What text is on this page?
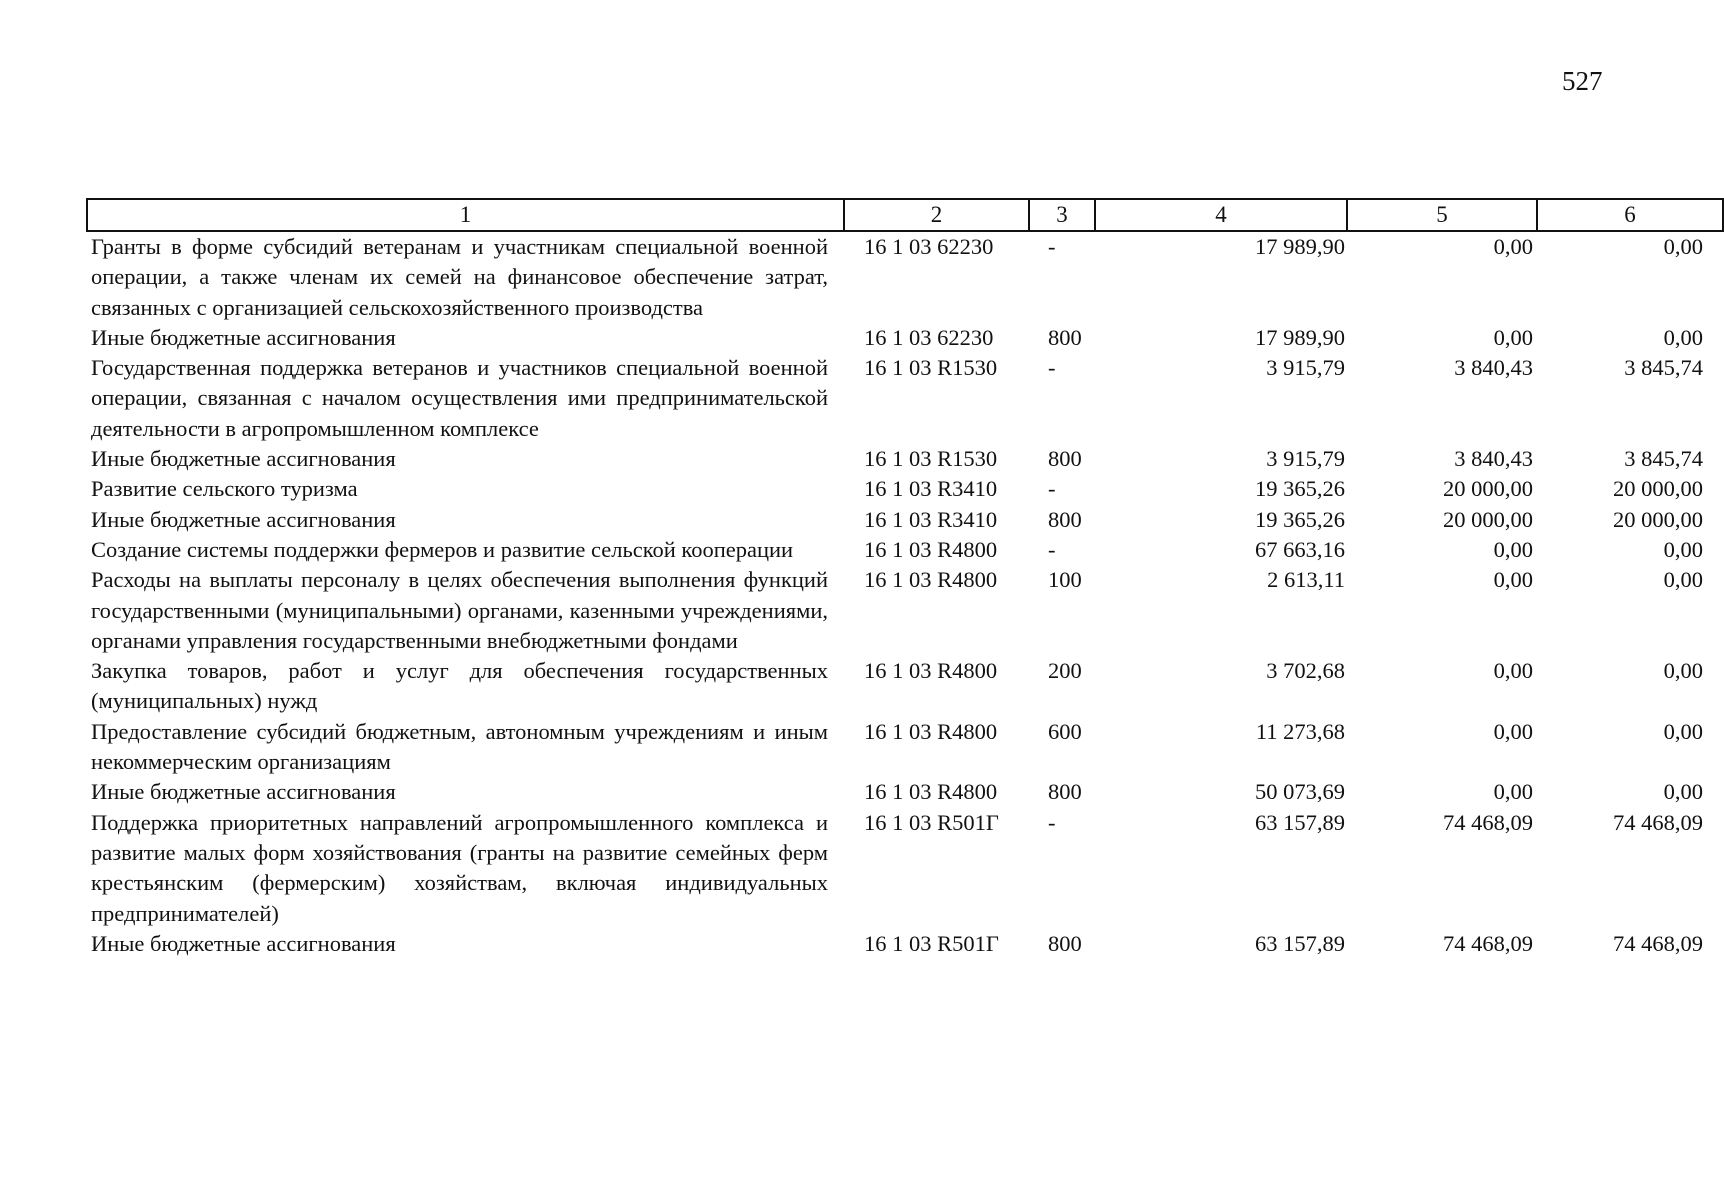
527
1	2	3	4	5	6
Гранты в форме субсидий ветеранам и участникам специальной военной операции, а также членам их семей на финансовое обеспечение затрат, связанных с организацией сельскохозяйственного производства	16 1 03 62230	-	17 989,90	0,00	0,00
Иные бюджетные ассигнования	16 1 03 62230	800	17 989,90	0,00	0,00
Государственная поддержка ветеранов и участников специальной военной операции, связанная с началом осуществления ими предпринимательской деятельности в агропромышленном комплексе	16 1 03 R1530	-	3 915,79	3 840,43	3 845,74
Иные бюджетные ассигнования	16 1 03 R1530	800	3 915,79	3 840,43	3 845,74
Развитие сельского туризма	16 1 03 R3410	-	19 365,26	20 000,00	20 000,00
Иные бюджетные ассигнования	16 1 03 R3410	800	19 365,26	20 000,00	20 000,00
Создание системы поддержки фермеров и развитие сельской кооперации	16 1 03 R4800	-	67 663,16	0,00	0,00
Расходы на выплаты персоналу в целях обеспечения выполнения функций государственными (муниципальными) органами, казенными учреждениями, органами управления государственными внебюджетными фондами	16 1 03 R4800	100	2 613,11	0,00	0,00
Закупка товаров, работ и услуг для обеспечения государственных (муниципальных) нужд	16 1 03 R4800	200	3 702,68	0,00	0,00
Предоставление субсидий бюджетным, автономным учреждениям и иным некоммерческим организациям	16 1 03 R4800	600	11 273,68	0,00	0,00
Иные бюджетные ассигнования	16 1 03 R4800	800	50 073,69	0,00	0,00
Поддержка приоритетных направлений агропромышленного комплекса и развитие малых форм хозяйствования (гранты на развитие семейных ферм крестьянским (фермерским) хозяйствам, включая индивидуальных предпринимателей)	16 1 03 R501Г	-	63 157,89	74 468,09	74 468,09
Иные бюджетные ассигнования	16 1 03 R501Г	800	63 157,89	74 468,09	74 468,09
